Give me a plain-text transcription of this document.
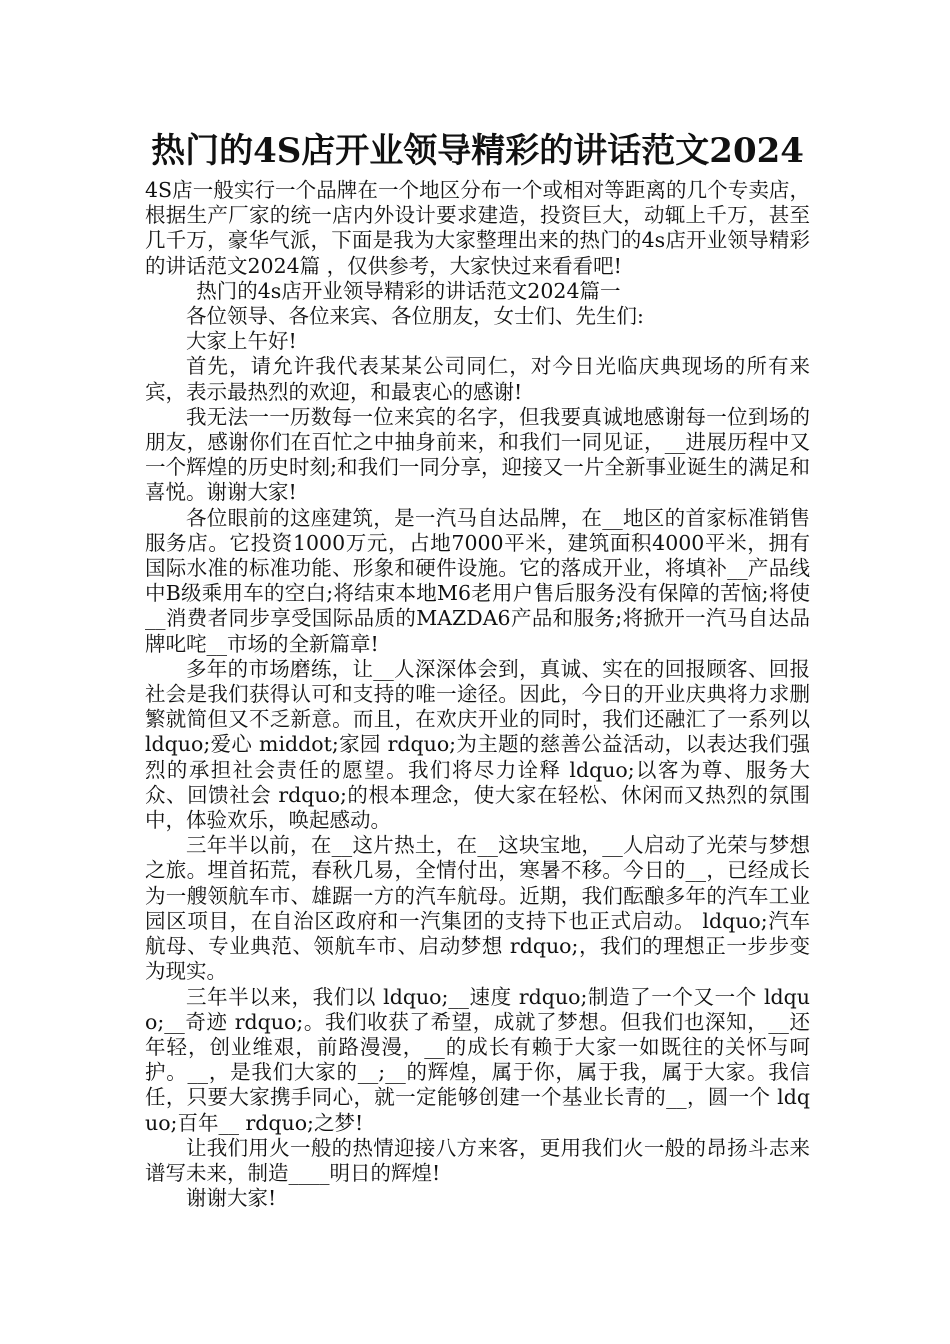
热门的4S店开业领导精彩的讲话范文2024

4S店一般实行一个品牌在一个地区分布一个或相对等距离的几个专卖店，根据生产厂家的统一店内外设计要求建造，投资巨大，动辄上千万，甚至几千万，豪华气派，下面是我为大家整理出来的热门的4s店开业领导精彩的讲话范文2024篇 ，仅供参考，大家快过来看看吧!

热门的4s店开业领导精彩的讲话范文2024篇一

各位领导、各位来宾、各位朋友，女士们、先生们:

大家上午好!

首先，请允许我代表某某公司同仁，对今日光临庆典现场的所有来宾，表示最热烈的欢迎，和最衷心的感谢!

我无法一一历数每一位来宾的名字，但我要真诚地感谢每一位到场的朋友，感谢你们在百忙之中抽身前来，和我们一同见证，__进展历程中又一个辉煌的历史时刻;和我们一同分享，迎接又一片全新事业诞生的满足和喜悦。谢谢大家!

各位眼前的这座建筑，是一汽马自达品牌，在__地区的首家标准销售服务店。它投资1000万元，占地7000平米，建筑面积4000平米，拥有国际水准的标准功能、形象和硬件设施。它的落成开业，将填补__产品线中B级乘用车的空白;将结束本地M6老用户售后服务没有保障的苦恼;将使__消费者同步享受国际品质的MAZDA6产品和服务;将掀开一汽马自达品牌叱咤__市场的全新篇章!

多年的市场磨练，让__人深深体会到，真诚、实在的回报顾客、回报社会是我们获得认可和支持的唯一途径。因此，今日的开业庆典将力求删繁就简但又不乏新意。而且，在欢庆开业的同时，我们还融汇了一系列以 ldquo;爱心 middot;家园 rdquo;为主题的慈善公益活动，以表达我们强烈的承担社会责任的愿望。我们将尽力诠释 ldquo;以客为尊、服务大众、回馈社会 rdquo;的根本理念，使大家在轻松、休闲而又热烈的氛围中，体验欢乐，唤起感动。

三年半以前，在__这片热土，在__这块宝地，__人启动了光荣与梦想之旅。埋首拓荒，春秋几易，全情付出，寒暑不移。今日的__，已经成长为一艘领航车市、雄踞一方的汽车航母。近期，我们酝酿多年的汽车工业园区项目，在自治区政府和一汽集团的支持下也正式启动。 ldquo;汽车航母、专业典范、领航车市、启动梦想 rdquo;，我们的理想正一步步变为现实。

三年半以来，我们以 ldquo;__速度 rdquo;制造了一个又一个 ldquo;__奇迹 rdquo;。我们收获了希望，成就了梦想。但我们也深知，__还年轻，创业维艰，前路漫漫，__的成长有赖于大家一如既往的关怀与呵护。__，是我们大家的__;__的辉煌，属于你，属于我，属于大家。我信任，只要大家携手同心，就一定能够创建一个基业长青的__，圆一个 ldquo;百年__ rdquo;之梦!

让我们用火一般的热情迎接八方来客，更用我们火一般的昂扬斗志来谱写未来，制造____明日的辉煌!

谢谢大家!
